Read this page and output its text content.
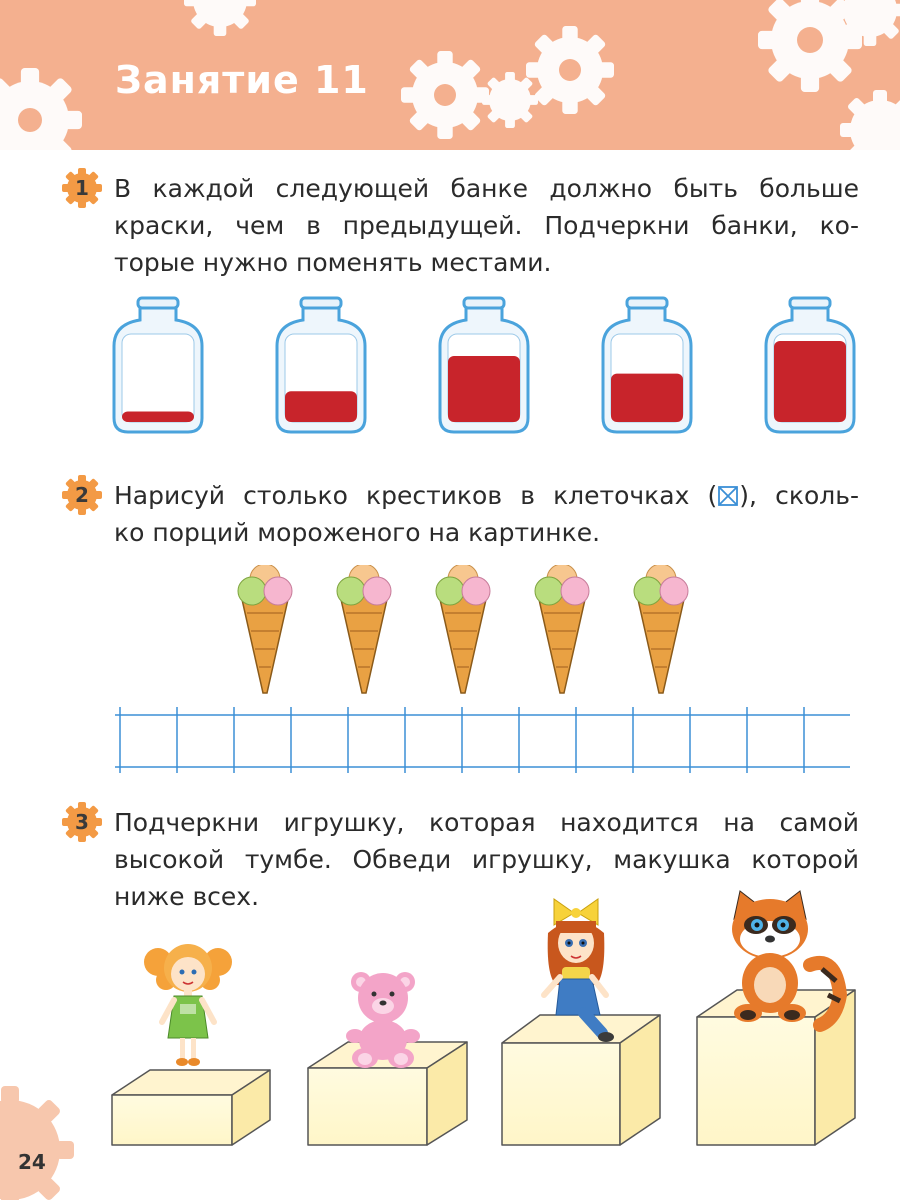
Занятие 11
1	В каждой следующей банке должно быть больше
краски, чем в предыдущей. Подчеркни банки, ко-
торые нужно поменять местами.
2	Нарисуй столько крестиков в клеточках (☒), сколь-
ко порций мороженого на картинке.
3	Подчеркни игрушку, которая находится на самой
высокой тумбе. Обведи игрушку, макушка которой
ниже всех.
24
